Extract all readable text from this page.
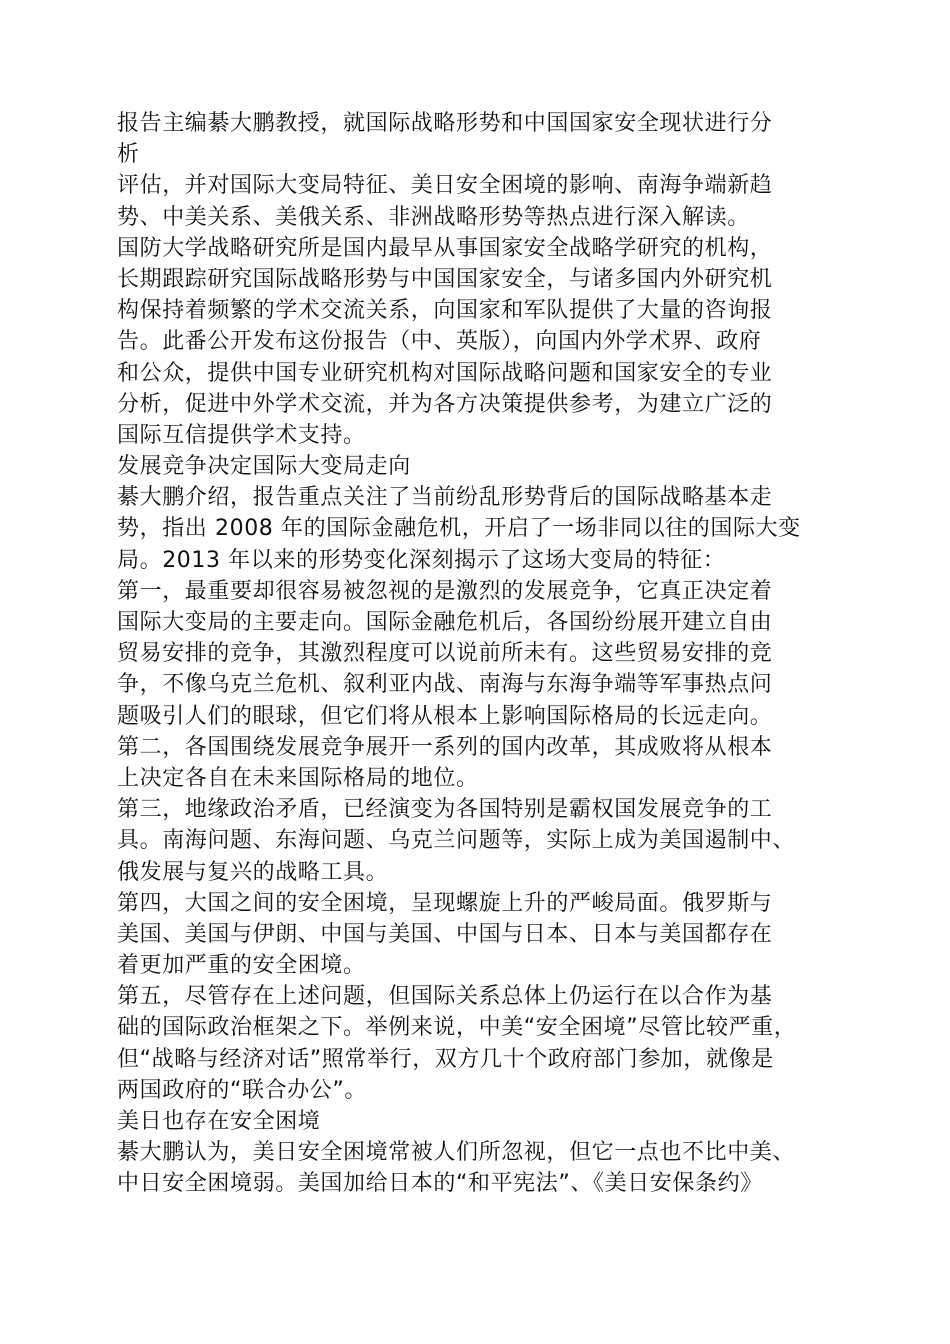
报告主编綦大鹏教授，就国际战略形势和中国国家安全现状进行分
析
评估，并对国际大变局特征、美日安全困境的影响、南海争端新趋
势、中美关系、美俄关系、非洲战略形势等热点进行深入解读。
国防大学战略研究所是国内最早从事国家安全战略学研究的机构，
长期跟踪研究国际战略形势与中国国家安全，与诸多国内外研究机
构保持着频繁的学术交流关系，向国家和军队提供了大量的咨询报
告。此番公开发布这份报告（中、英版），向国内外学术界、政府
和公众，提供中国专业研究机构对国际战略问题和国家安全的专业
分析，促进中外学术交流，并为各方决策提供参考，为建立广泛的
国际互信提供学术支持。
发展竞争决定国际大变局走向
綦大鹏介绍，报告重点关注了当前纷乱形势背后的国际战略基本走
势，指出 2008 年的国际金融危机，开启了一场非同以往的国际大变
局。2013 年以来的形势变化深刻揭示了这场大变局的特征：
第一，最重要却很容易被忽视的是激烈的发展竞争，它真正决定着
国际大变局的主要走向。国际金融危机后，各国纷纷展开建立自由
贸易安排的竞争，其激烈程度可以说前所未有。这些贸易安排的竞
争，不像乌克兰危机、叙利亚内战、南海与东海争端等军事热点问
题吸引人们的眼球，但它们将从根本上影响国际格局的长远走向。
第二，各国围绕发展竞争展开一系列的国内改革，其成败将从根本
上决定各自在未来国际格局的地位。
第三，地缘政治矛盾，已经演变为各国特别是霸权国发展竞争的工
具。南海问题、东海问题、乌克兰问题等，实际上成为美国遏制中、
俄发展与复兴的战略工具。
第四，大国之间的安全困境，呈现螺旋上升的严峻局面。俄罗斯与
美国、美国与伊朗、中国与美国、中国与日本、日本与美国都存在
着更加严重的安全困境。
第五，尽管存在上述问题，但国际关系总体上仍运行在以合作为基
础的国际政治框架之下。举例来说，中美“安全困境”尽管比较严重，
但“战略与经济对话”照常举行，双方几十个政府部门参加，就像是
两国政府的“联合办公”。
美日也存在安全困境
綦大鹏认为，美日安全困境常被人们所忽视，但它一点也不比中美、
中日安全困境弱。美国加给日本的“和平宪法”、《美日安保条约》
